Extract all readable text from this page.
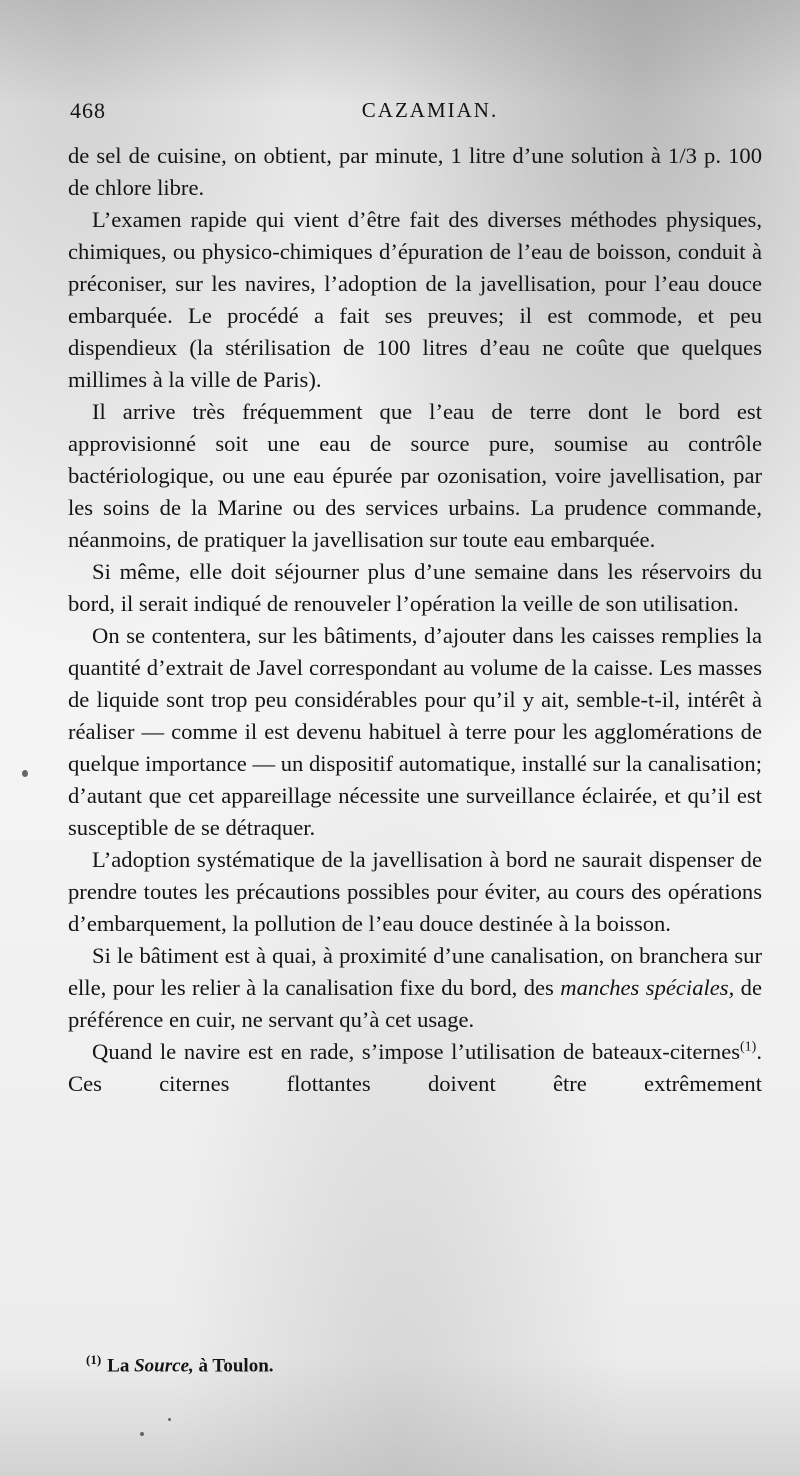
468	CAZAMIAN.

de sel de cuisine, on obtient, par minute, 1 litre d’une solution à 1/3 p. 100 de chlore libre.

L’examen rapide qui vient d’être fait des diverses méthodes physiques, chimiques, ou physico-chimiques d’épuration de l’eau de boisson, conduit à préconiser, sur les navires, l’adoption de la javellisation, pour l’eau douce embarquée. Le procédé a fait ses preuves; il est commode, et peu dispendieux (la stérilisation de 100 litres d’eau ne coûte que quelques millimes à la ville de Paris).

Il arrive très fréquemment que l’eau de terre dont le bord est approvisionné soit une eau de source pure, soumise au contrôle bactériologique, ou une eau épurée par ozonisation, voire javellisation, par les soins de la Marine ou des services urbains. La prudence commande, néanmoins, de pratiquer la javellisation sur toute eau embarquée.

Si même, elle doit séjourner plus d’une semaine dans les réservoirs du bord, il serait indiqué de renouveler l’opération la veille de son utilisation.

On se contentera, sur les bâtiments, d’ajouter dans les caisses remplies la quantité d’extrait de Javel correspondant au volume de la caisse. Les masses de liquide sont trop peu considérables pour qu’il y ait, semble-t-il, intérêt à réaliser — comme il est devenu habituel à terre pour les agglomérations de quelque importance — un dispositif automatique, installé sur la canalisation; d’autant que cet appareillage nécessite une surveillance éclairée, et qu’il est susceptible de se détraquer.

L’adoption systématique de la javellisation à bord ne saurait dispenser de prendre toutes les précautions possibles pour éviter, au cours des opérations d’embarquement, la pollution de l’eau douce destinée à la boisson.

Si le bâtiment est à quai, à proximité d’une canalisation, on branchera sur elle, pour les relier à la canalisation fixe du bord, des manches spéciales, de préférence en cuir, ne servant qu’à cet usage.

Quand le navire est en rade, s’impose l’utilisation de bateaux-citernes$^{(1)}$. Ces citernes flottantes doivent être extrêmement

$^{(1)}$ La Source, à Toulon.
